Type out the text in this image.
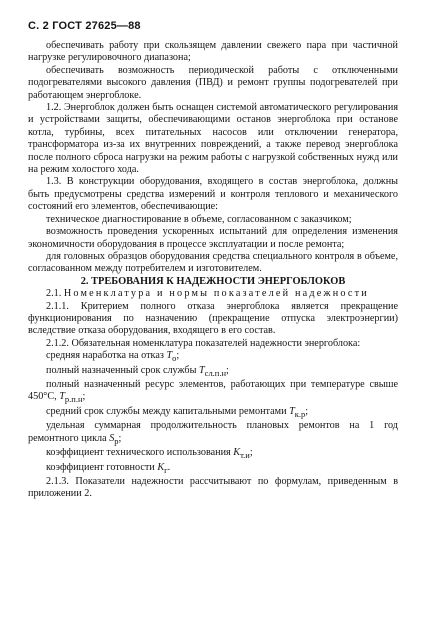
С. 2 ГОСТ 27625—88

обеспечивать работу при скользящем давлении свежего пара при частичной нагрузке регулировочного диапазона;

обеспечивать возможность периодической работы с отключенными подогревателями высокого давления (ПВД) и ремонт группы подогревателей при работающем энергоблоке.

1.2. Энергоблок должен быть оснащен системой автоматического регулирования и устройствами защиты, обеспечивающими останов энергоблока при останове котла, турбины, всех питательных насосов или отключении генератора, трансформатора из-за их внутренних повреждений, а также перевод энергоблока после полного сброса нагрузки на режим работы с нагрузкой собственных нужд или на режим холостого хода.

1.3. В конструкции оборудования, входящего в состав энергоблока, должны быть предусмотрены средства измерений и контроля теплового и механического состояний его элементов, обеспечивающие:

техническое диагностирование в объеме, согласованном с заказчиком;

возможность проведения ускоренных испытаний для определения изменения экономичности оборудования в процессе эксплуатации и после ремонта;

для головных образцов оборудования средства специального контроля в объеме, согласованном между потребителем и изготовителем.

2. ТРЕБОВАНИЯ К НАДЕЖНОСТИ ЭНЕРГОБЛОКОВ

2.1. Номенклатура и нормы показателей надежности

2.1.1. Критерием полного отказа энергоблока является прекращение функционирования по назначению (прекращение отпуска электроэнергии) вследствие отказа оборудования, входящего в его состав.

2.1.2. Обязательная номенклатура показателей надежности энергоблока:

средняя наработка на отказ $T_о$;

полный назначенный срок службы $T_{сл.п.н}$;

полный назначенный ресурс элементов, работающих при температуре свыше 450°С, $T_{р.п.н}$;

средний срок службы между капитальными ремонтами $T_{к.р}$;

удельная суммарная продолжительность плановых ремонтов на 1 год ремонтного цикла $S_р$;

коэффициент технического использования $K_{т.и}$;

коэффициент готовности $K_г$.

2.1.3. Показатели надежности рассчитывают по формулам, приведенным в приложении 2.
